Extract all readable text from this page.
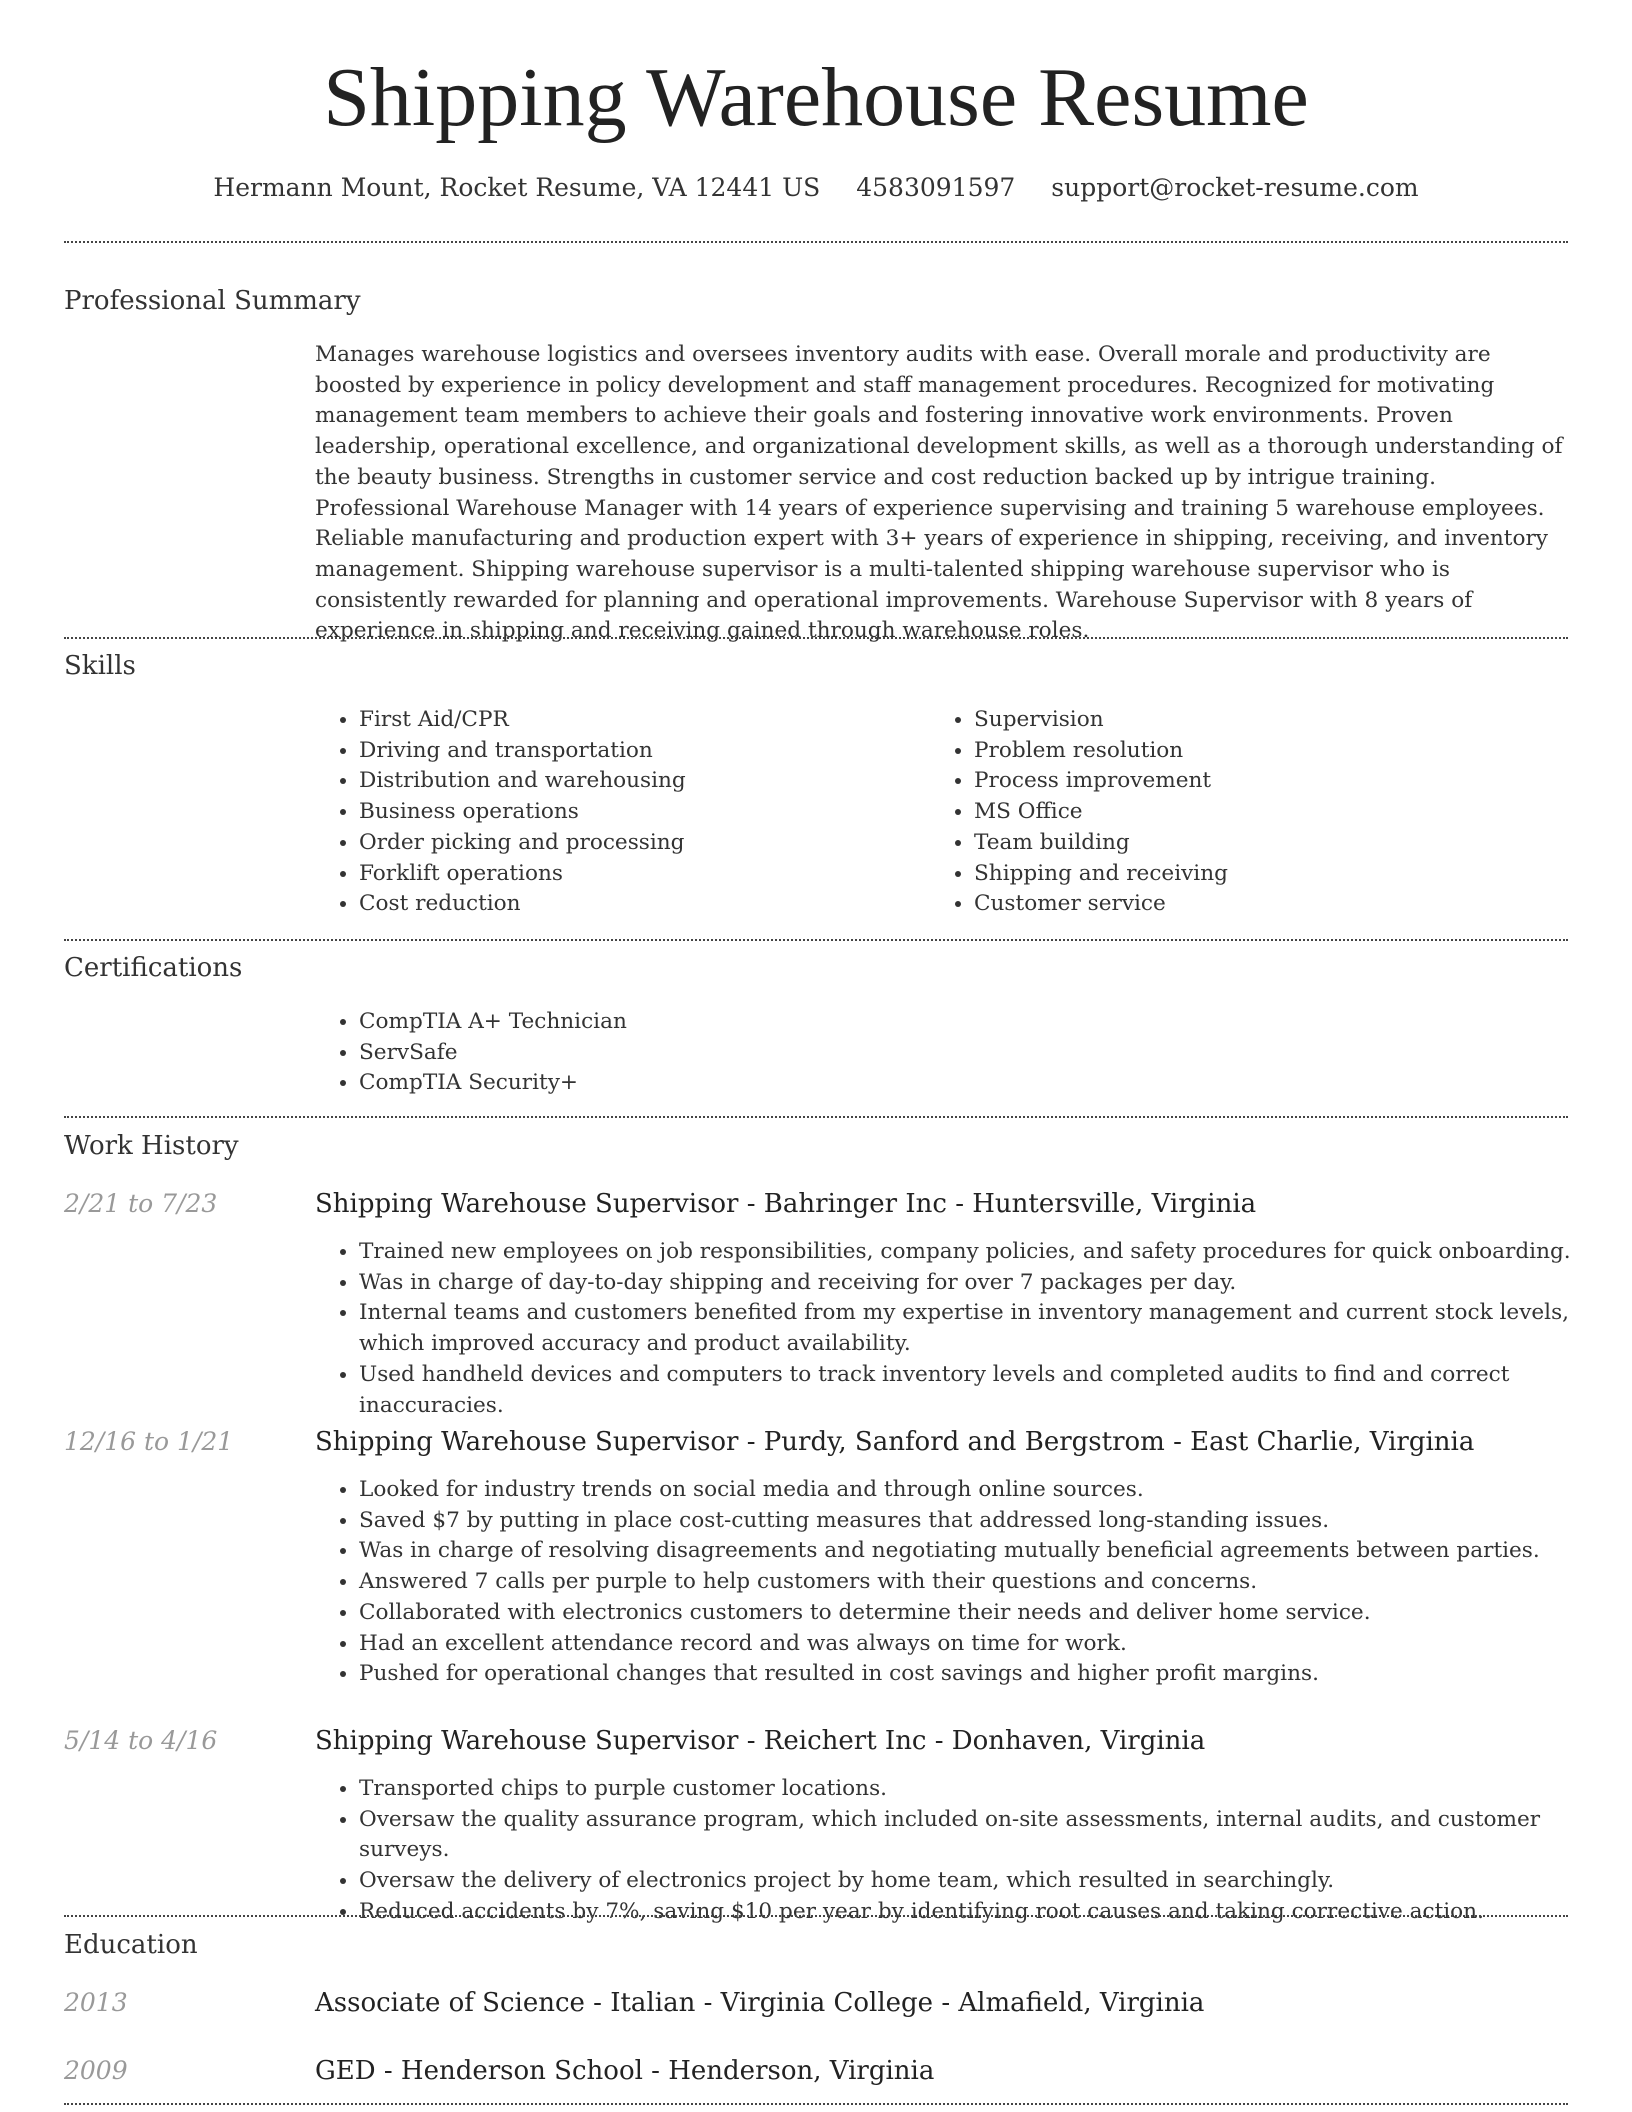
Shipping Warehouse Resume
Hermann Mount, Rocket Resume, VA 12441 US 4583091597 support@rocket-resume.com
Professional Summary

Manages warehouse logistics and oversees inventory audits with ease. Overall morale and productivity are boosted by experience in policy development and staff management procedures. Recognized for motivating management team members to achieve their goals and fostering innovative work environments. Proven leadership, operational excellence, and organizational development skills, as well as a thorough understanding of the beauty business. Strengths in customer service and cost reduction backed up by intrigue training. Professional Warehouse Manager with 14 years of experience supervising and training 5 warehouse employees. Reliable manufacturing and production expert with 3+ years of experience in shipping, receiving, and inventory management. Shipping warehouse supervisor is a multi-talented shipping warehouse supervisor who is consistently rewarded for planning and operational improvements. Warehouse Supervisor with 8 years of experience in shipping and receiving gained through warehouse roles.

Skills
• First Aid/CPR
• Driving and transportation
• Distribution and warehousing
• Business operations
• Order picking and processing
• Forklift operations
• Cost reduction
• Supervision
• Problem resolution
• Process improvement
• MS Office
• Team building
• Shipping and receiving
• Customer service
Certifications
• CompTIA A+ Technician
• ServSafe
• CompTIA Security+
Work History
2/21 to 7/23	Shipping Warehouse Supervisor - Bahringer Inc - Huntersville, Virginia
• Trained new employees on job responsibilities, company policies, and safety procedures for quick onboarding.
• Was in charge of day-to-day shipping and receiving for over 7 packages per day.
• Internal teams and customers benefited from my expertise in inventory management and current stock levels, which improved accuracy and product availability.
• Used handheld devices and computers to track inventory levels and completed audits to find and correct inaccuracies.
12/16 to 1/21	Shipping Warehouse Supervisor - Purdy, Sanford and Bergstrom - East Charlie, Virginia
• Looked for industry trends on social media and through online sources.
• Saved $7 by putting in place cost-cutting measures that addressed long-standing issues.
• Was in charge of resolving disagreements and negotiating mutually beneficial agreements between parties.
• Answered 7 calls per purple to help customers with their questions and concerns.
• Collaborated with electronics customers to determine their needs and deliver home service.
• Had an excellent attendance record and was always on time for work.
• Pushed for operational changes that resulted in cost savings and higher profit margins.
5/14 to 4/16	Shipping Warehouse Supervisor - Reichert Inc - Donhaven, Virginia
• Transported chips to purple customer locations.
• Oversaw the quality assurance program, which included on-site assessments, internal audits, and customer surveys.
• Oversaw the delivery of electronics project by home team, which resulted in searchingly.
• Reduced accidents by 7%, saving $10 per year by identifying root causes and taking corrective action.
Education
2013	Associate of Science - Italian - Virginia College - Almafield, Virginia
2009	GED - Henderson School - Henderson, Virginia
